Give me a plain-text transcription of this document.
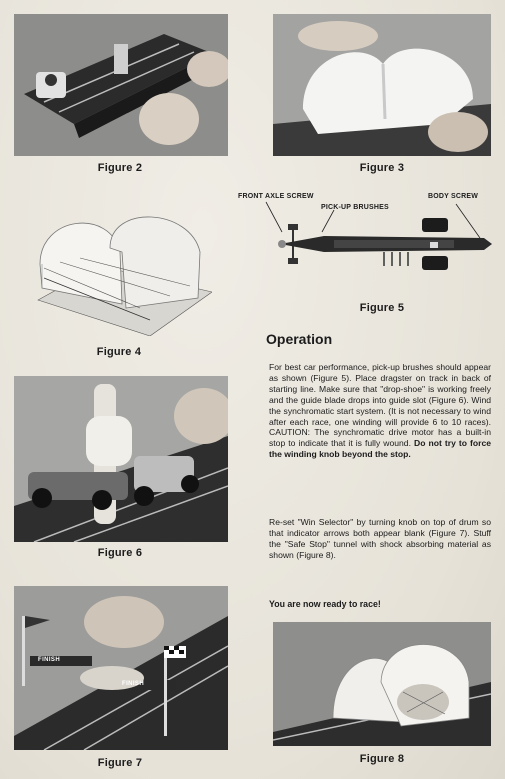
Figure 2	Figure 3
FRONT AXLE SCREW
PICK-UP BRUSHES
BODY SCREW
Figure 5
Figure 4
Figure 6
Operation

For best car performance, pick-up brushes should appear as shown (Figure 5). Place dragster on track in back of starting line. Make sure that "drop-shoe" is working freely and the guide blade drops into guide slot (Figure 6). Wind the synchromatic start system. (It is not necessary to wind after each race, one winding will provide 6 to 10 races). CAUTION: The synchromatic drive motor has a built-in stop to indicate that it is fully wound. Do not try to force the winding knob beyond the stop.

Re-set "Win Selector" by turning knob on top of drum so that indicator arrows both appear blank (Figure 7). Stuff the "Safe Stop" tunnel with shock absorbing material as shown (Figure 8).

You are now ready to race!
FINISH
FINISH
Figure 7	Figure 8
